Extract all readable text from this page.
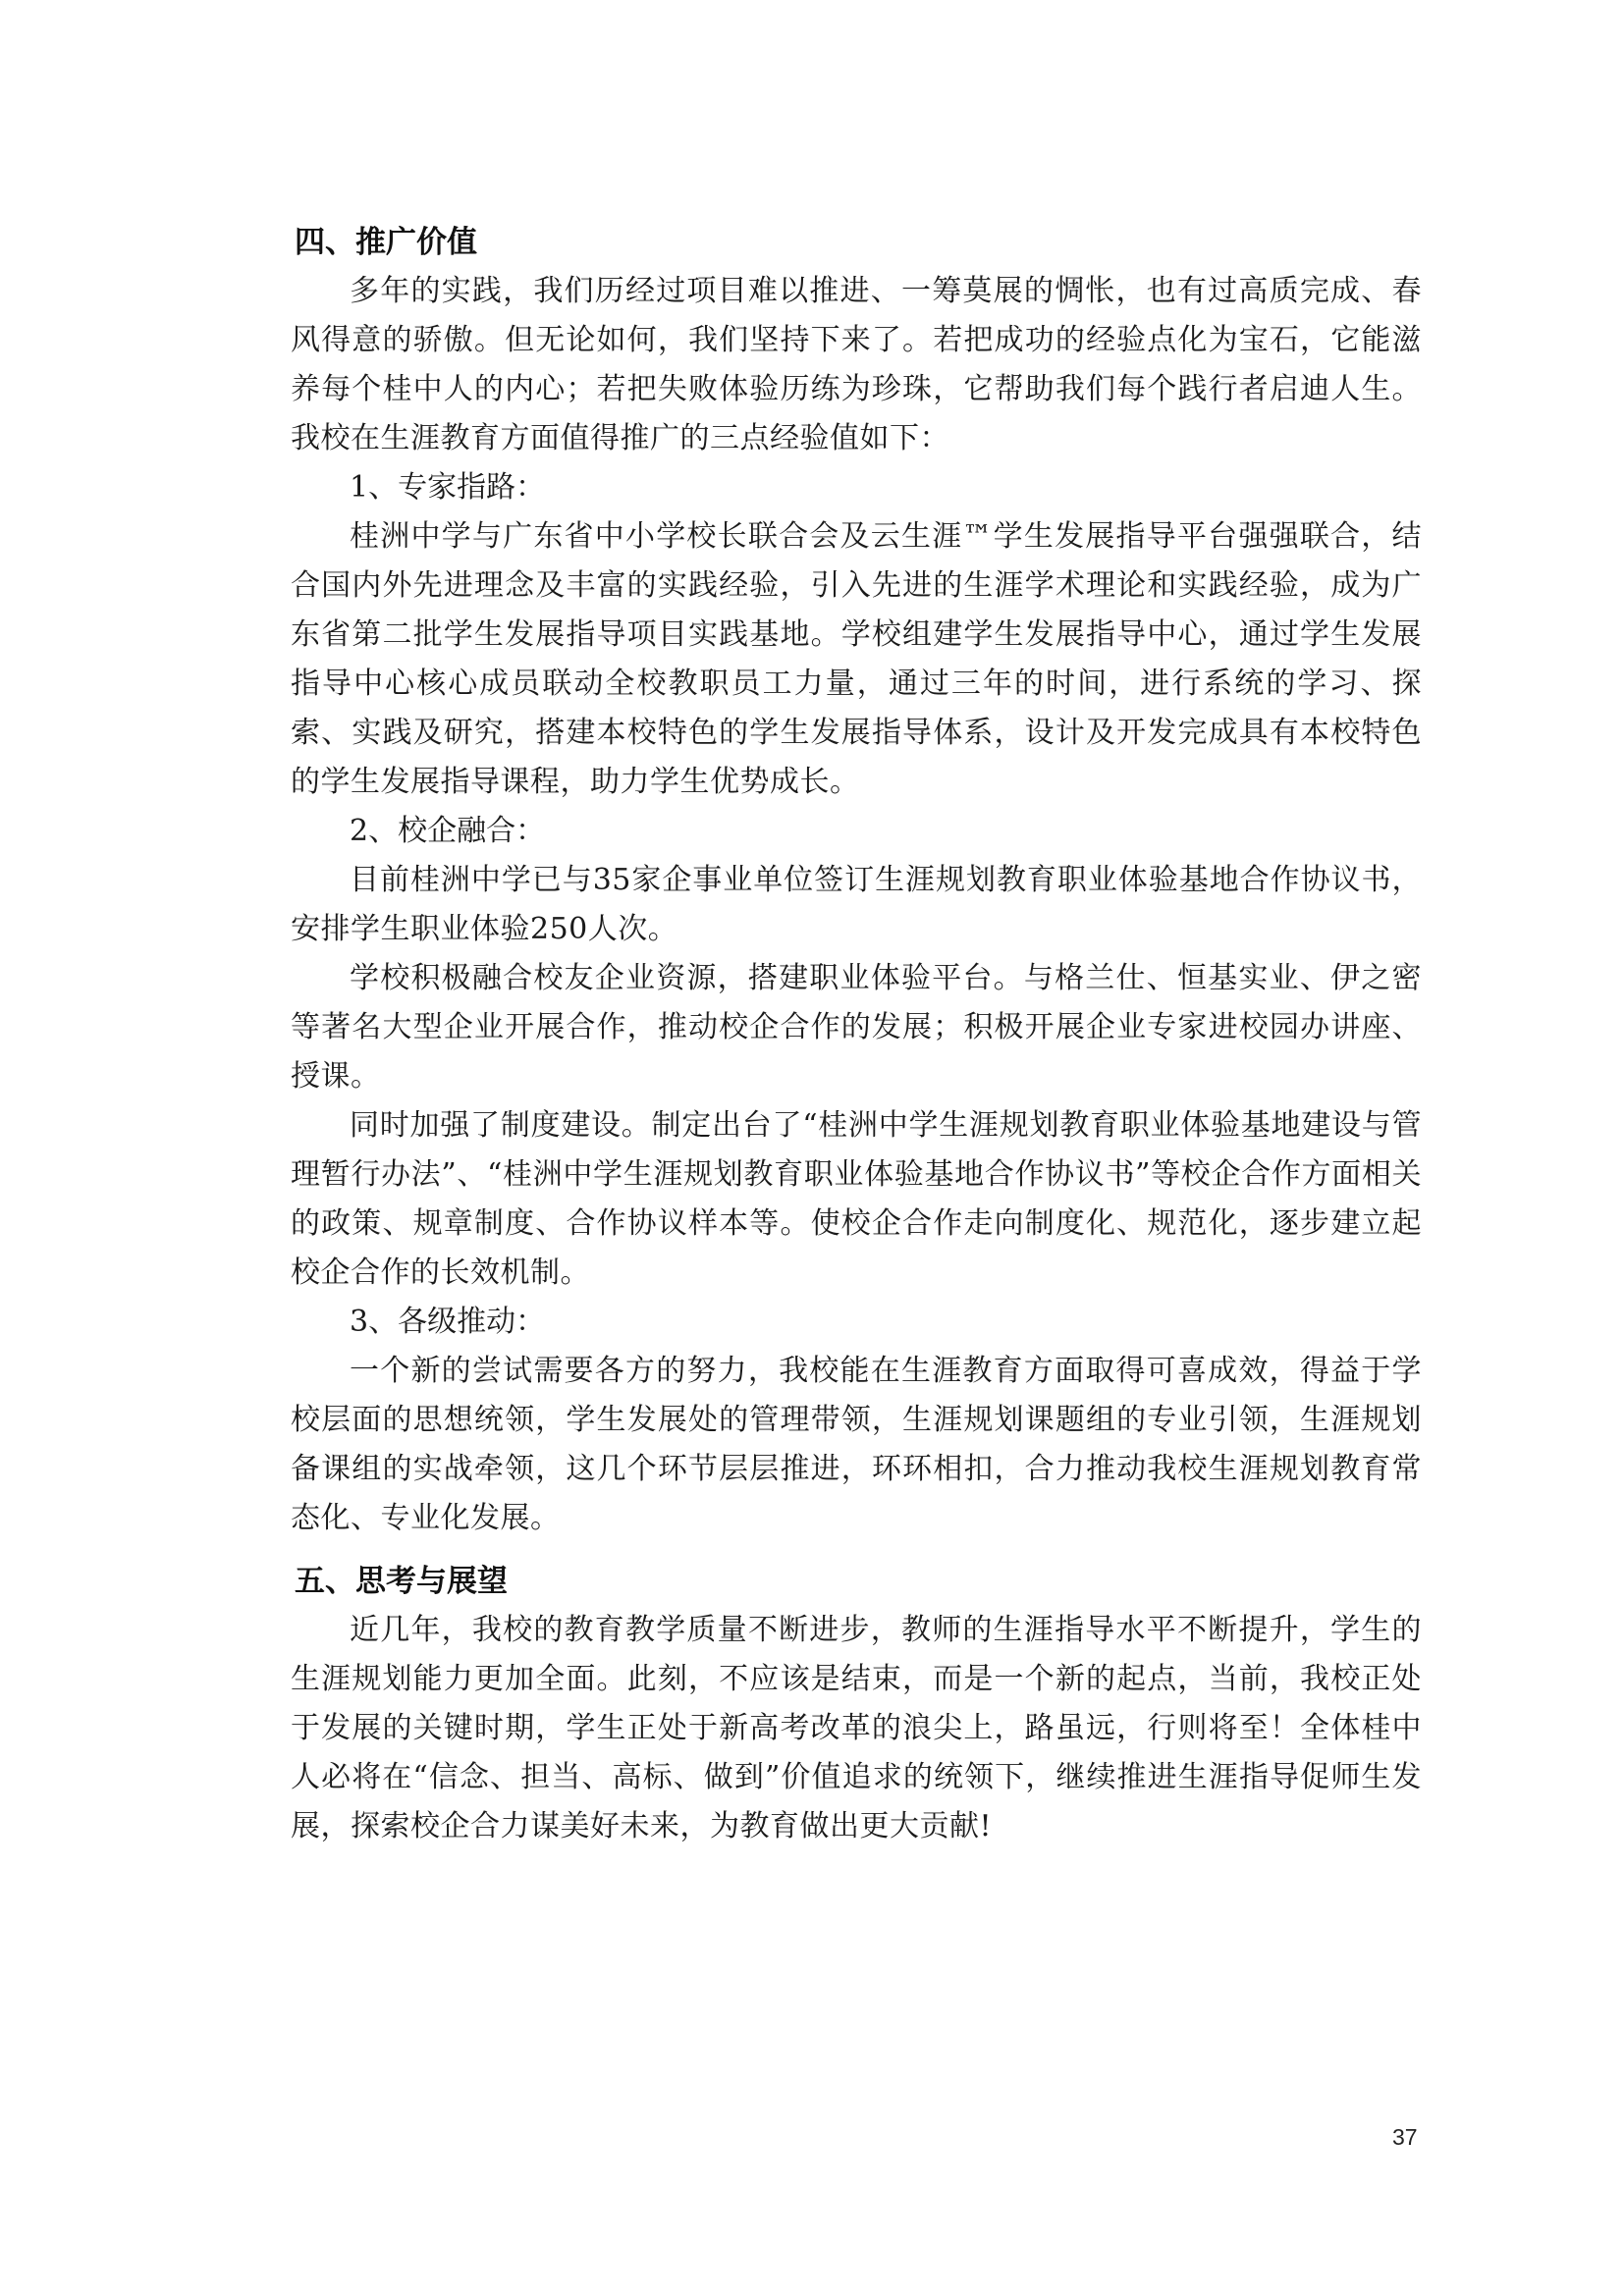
四、推广价值

多年的实践，我们历经过项目难以推进、一筹莫展的惆怅，也有过高质完成、春风得意的骄傲。但无论如何，我们坚持下来了。若把成功的经验点化为宝石，它能滋养每个桂中人的内心；若把失败体验历练为珍珠，它帮助我们每个践行者启迪人生。我校在生涯教育方面值得推广的三点经验值如下：

1、专家指路：

桂洲中学与广东省中小学校长联合会及云生涯™学生发展指导平台强强联合，结合国内外先进理念及丰富的实践经验，引入先进的生涯学术理论和实践经验，成为广东省第二批学生发展指导项目实践基地。学校组建学生发展指导中心，通过学生发展指导中心核心成员联动全校教职员工力量，通过三年的时间，进行系统的学习、探索、实践及研究，搭建本校特色的学生发展指导体系，设计及开发完成具有本校特色的学生发展指导课程，助力学生优势成长。

2、校企融合：

目前桂洲中学已与35家企事业单位签订生涯规划教育职业体验基地合作协议书，安排学生职业体验250人次。

学校积极融合校友企业资源，搭建职业体验平台。与格兰仕、恒基实业、伊之密等著名大型企业开展合作，推动校企合作的发展；积极开展企业专家进校园办讲座、授课。

同时加强了制度建设。制定出台了“桂洲中学生涯规划教育职业体验基地建设与管理暂行办法”、“桂洲中学生涯规划教育职业体验基地合作协议书”等校企合作方面相关的政策、规章制度、合作协议样本等。使校企合作走向制度化、规范化，逐步建立起校企合作的长效机制。

3、各级推动：

一个新的尝试需要各方的努力，我校能在生涯教育方面取得可喜成效，得益于学校层面的思想统领，学生发展处的管理带领，生涯规划课题组的专业引领，生涯规划备课组的实战牵领，这几个环节层层推进，环环相扣，合力推动我校生涯规划教育常态化、专业化发展。

五、思考与展望

近几年，我校的教育教学质量不断进步，教师的生涯指导水平不断提升，学生的生涯规划能力更加全面。此刻，不应该是结束，而是一个新的起点，当前，我校正处于发展的关键时期，学生正处于新高考改革的浪尖上，路虽远，行则将至！全体桂中人必将在“信念、担当、高标、做到”价值追求的统领下，继续推进生涯指导促师生发展，探索校企合力谋美好未来，为教育做出更大贡献!

37
